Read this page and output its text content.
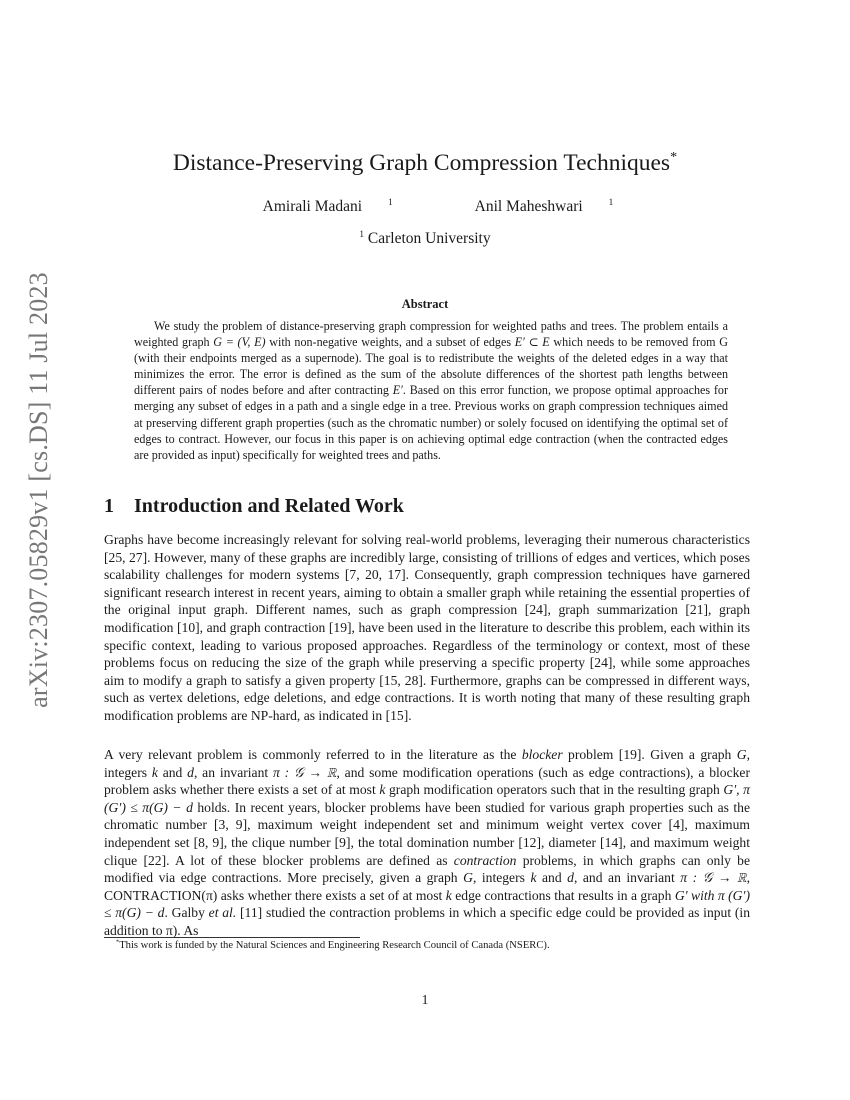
arXiv:2307.05829v1 [cs.DS] 11 Jul 2023
Distance-Preserving Graph Compression Techniques*
Amirali Madani	$^1$	Anil Maheshwari	$^1$
$^1$ Carleton University
Abstract
We study the problem of distance-preserving graph compression for weighted paths and trees. The problem entails a weighted graph G = (V, E) with non-negative weights, and a subset of edges E′ ⊂ E which needs to be removed from G (with their endpoints merged as a supernode). The goal is to redistribute the weights of the deleted edges in a way that minimizes the error. The error is defined as the sum of the absolute differences of the shortest path lengths between different pairs of nodes before and after contracting E′. Based on this error function, we propose optimal approaches for merging any subset of edges in a path and a single edge in a tree. Previous works on graph compression techniques aimed at preserving different graph properties (such as the chromatic number) or solely focused on identifying the optimal set of edges to contract. However, our focus in this paper is on achieving optimal edge contraction (when the contracted edges are provided as input) specifically for weighted trees and paths.
1 Introduction and Related Work
Graphs have become increasingly relevant for solving real-world problems, leveraging their numerous characteristics [25, 27]. However, many of these graphs are incredibly large, consisting of trillions of edges and vertices, which poses scalability challenges for modern systems [7, 20, 17]. Consequently, graph compression techniques have garnered significant research interest in recent years, aiming to obtain a smaller graph while retaining the essential properties of the original input graph. Different names, such as graph compression [24], graph summarization [21], graph modification [10], and graph contraction [19], have been used in the literature to describe this problem, each within its specific context, leading to various proposed approaches. Regardless of the terminology or context, most of these problems focus on reducing the size of the graph while preserving a specific property [24], while some approaches aim to modify a graph to satisfy a given property [15, 28]. Furthermore, graphs can be compressed in different ways, such as vertex deletions, edge deletions, and edge contractions. It is worth noting that many of these resulting graph modification problems are NP-hard, as indicated in [15].
A very relevant problem is commonly referred to in the literature as the blocker problem [19]. Given a graph G, integers k and d, an invariant π : 𝒢 → ℝ, and some modification operations (such as edge contractions), a blocker problem asks whether there exists a set of at most k graph modification operators such that in the resulting graph G′, π (G′) ≤ π(G) − d holds. In recent years, blocker problems have been studied for various graph properties such as the chromatic number [3, 9], maximum weight independent set and minimum weight vertex cover [4], maximum independent set [8, 9], the clique number [9], the total domination number [12], diameter [14], and maximum weight clique [22]. A lot of these blocker problems are defined as contraction problems, in which graphs can only be modified via edge contractions. More precisely, given a graph G, integers k and d, and an invariant π : 𝒢 → ℝ, CONTRACTION(π) asks whether there exists a set of at most k edge contractions that results in a graph G′ with π (G′) ≤ π(G) − d. Galby et al. [11] studied the contraction problems in which a specific edge could be provided as input (in addition to π). As
*This work is funded by the Natural Sciences and Engineering Research Council of Canada (NSERC).
1
